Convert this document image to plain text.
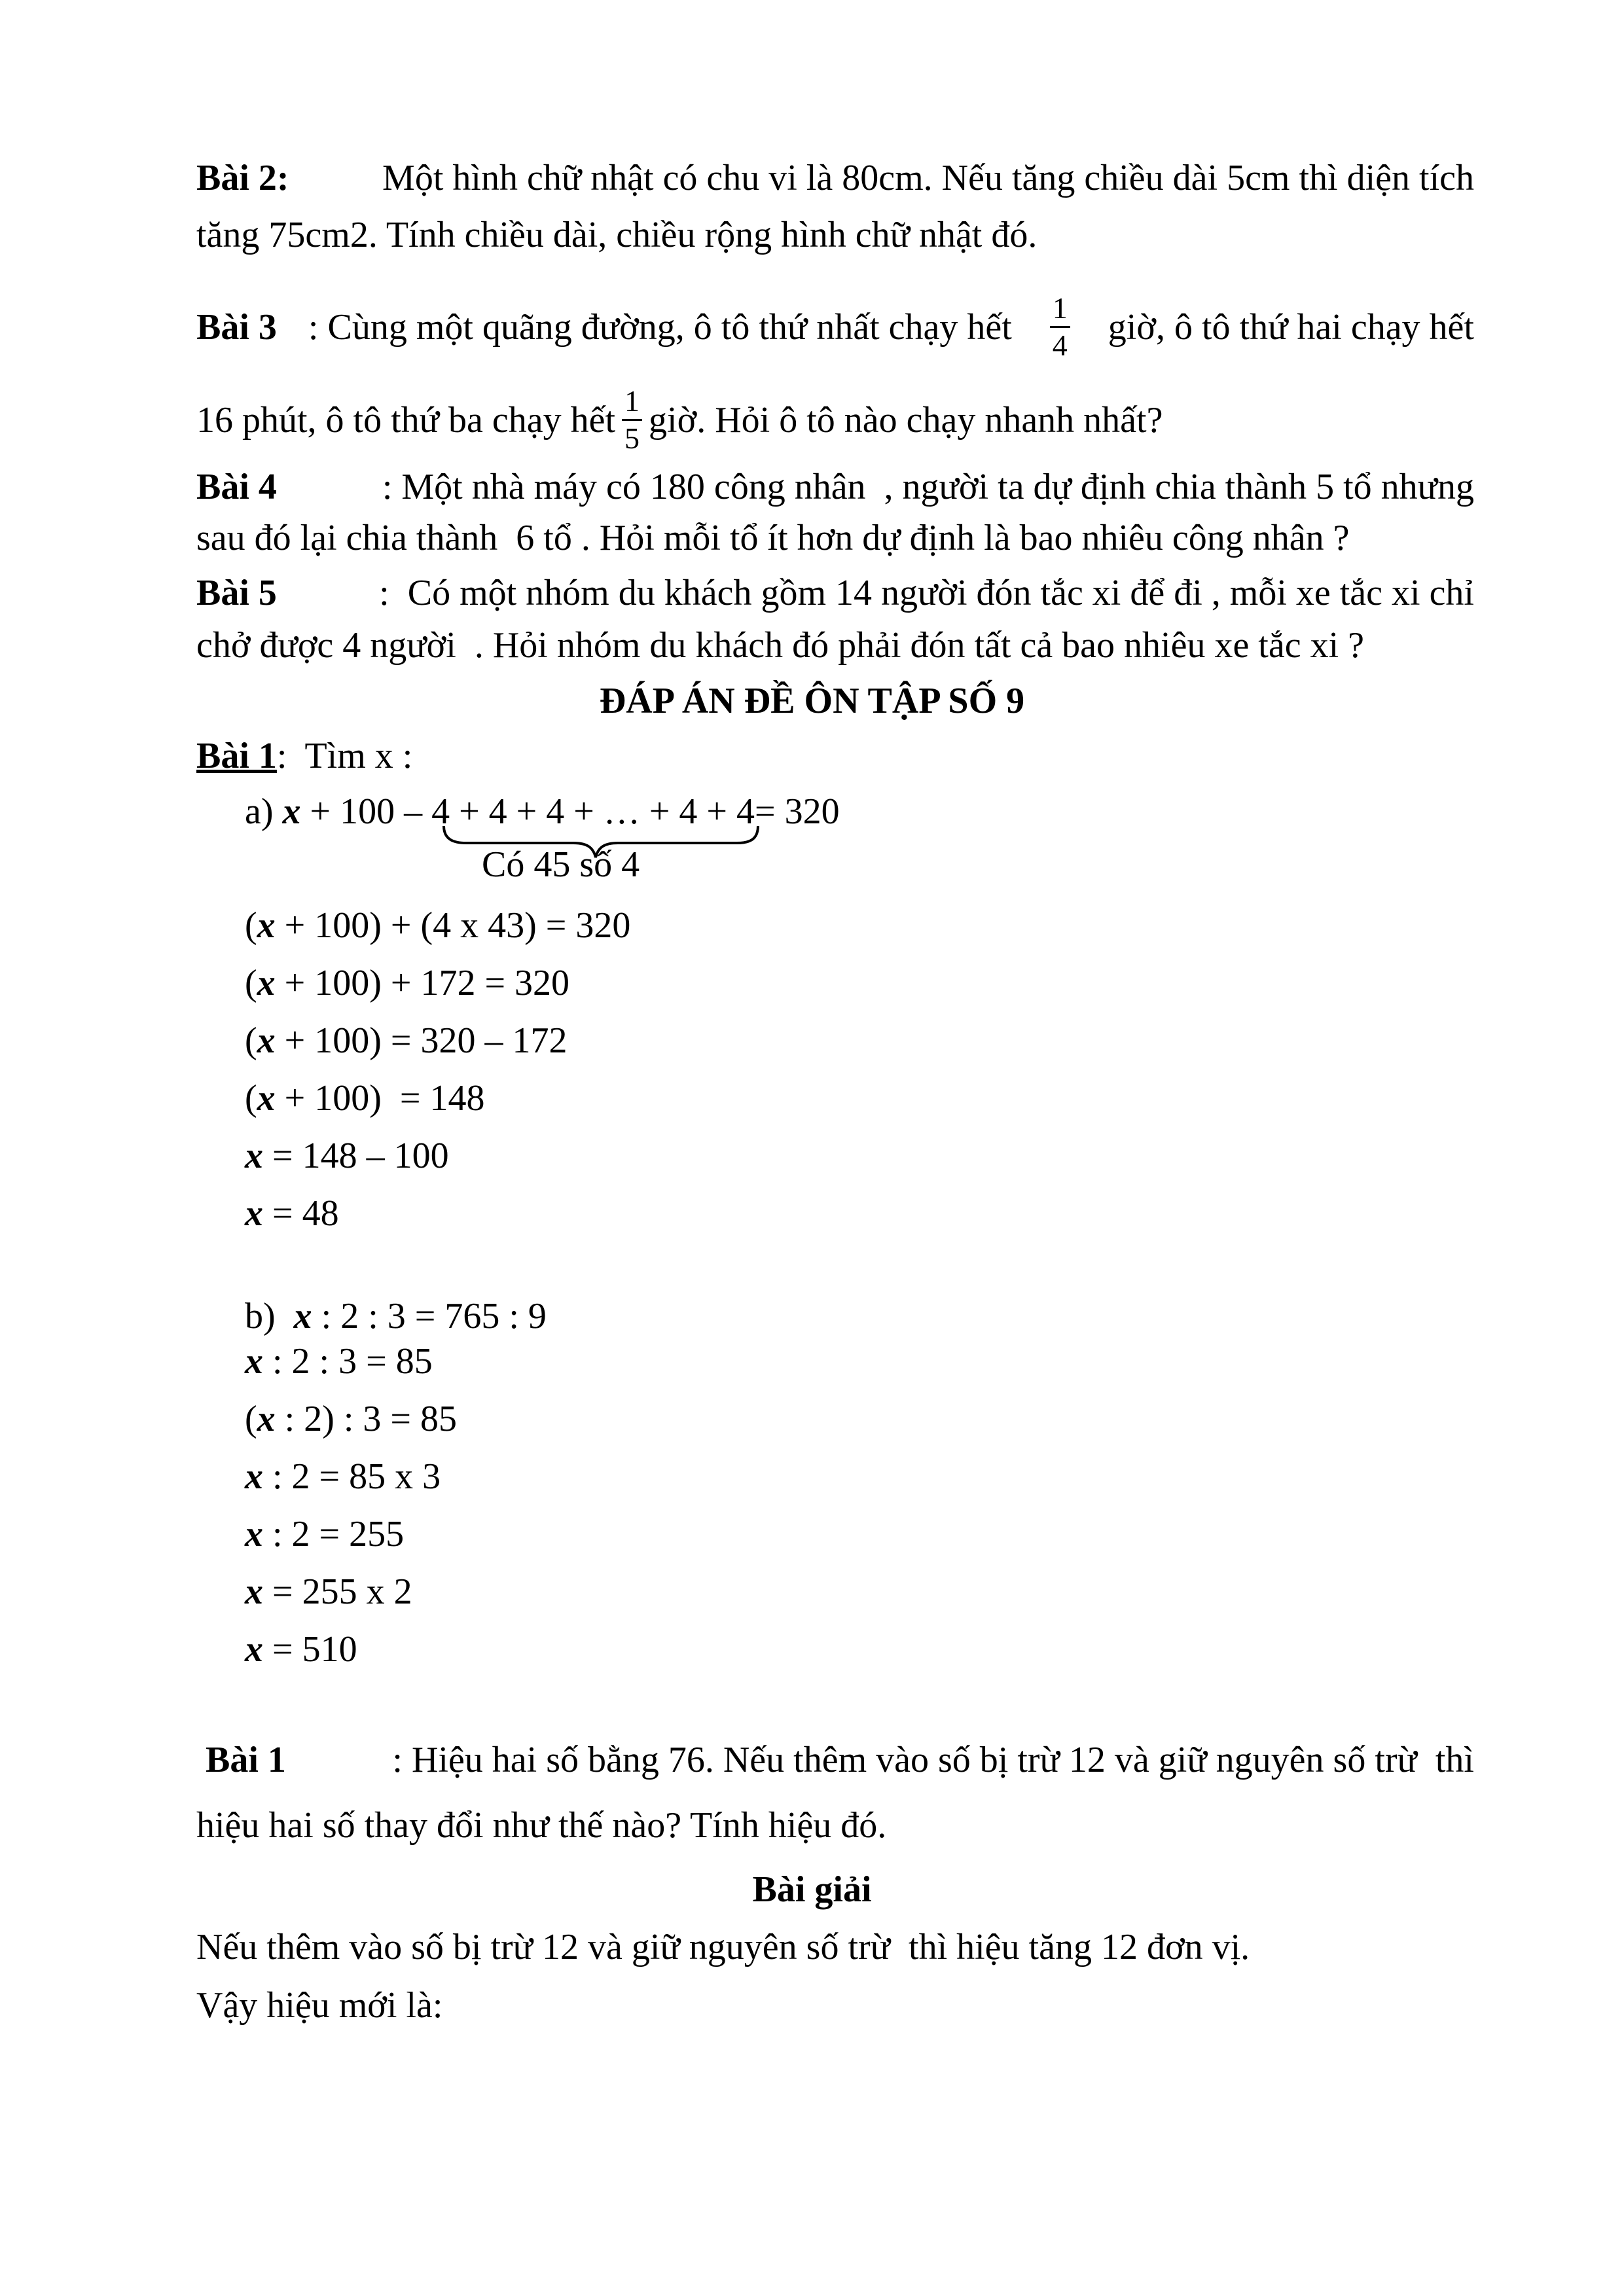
Bài 2:	Một hình chữ nhật có chu vi là 80cm. Nếu tăng chiều dài 5cm thì diện tích
tăng 75cm2. Tính chiều dài, chiều rộng hình chữ nhật đó.
Bài 3 : Cùng một quãng đường, ô tô thứ nhất chạy hết $\frac{1}{4}$ giờ, ô tô thứ hai chạy hết
16 phút, ô tô thứ ba chạy hết $\frac{1}{5}$ giờ. Hỏi ô tô nào chạy nhanh nhất?
Bài 4	: Một nhà máy có 180 công nhân  , người ta dự định chia thành 5 tổ nhưng
sau đó lại chia thành  6 tổ . Hỏi mỗi tổ ít hơn dự định là bao nhiêu công nhân ?
Bài 5 :  Có một nhóm du khách gồm 14 người đón tắc xi để đi , mỗi xe tắc xi chỉ
chở được 4 người  . Hỏi nhóm du khách đó phải đón tất cả bao nhiêu xe tắc xi ?
ĐÁP ÁN ĐỀ ÔN TẬP SỐ 9
Bài 1:  Tìm x :
a) x + 100 – 4 + 4 + 4 + … + 4 + 4= 320
Có 45 số 4
(x + 100) + (4 x 43) = 320
(x + 100) + 172 = 320
(x + 100) = 320 – 172
(x + 100)  = 148
x = 148 – 100
x = 48
b)  x : 2 : 3 = 765 : 9
x : 2 : 3 = 85
(x : 2) : 3 = 85
x : 2 = 85 x 3
x : 2 = 255
x = 255 x 2
x = 510
Bài 1	: Hiệu hai số bằng 76. Nếu thêm vào số bị trừ 12 và giữ nguyên số trừ  thì
hiệu hai số thay đổi như thế nào? Tính hiệu đó.
Bài giải
Nếu thêm vào số bị trừ 12 và giữ nguyên số trừ  thì hiệu tăng 12 đơn vị.
Vậy hiệu mới là:
